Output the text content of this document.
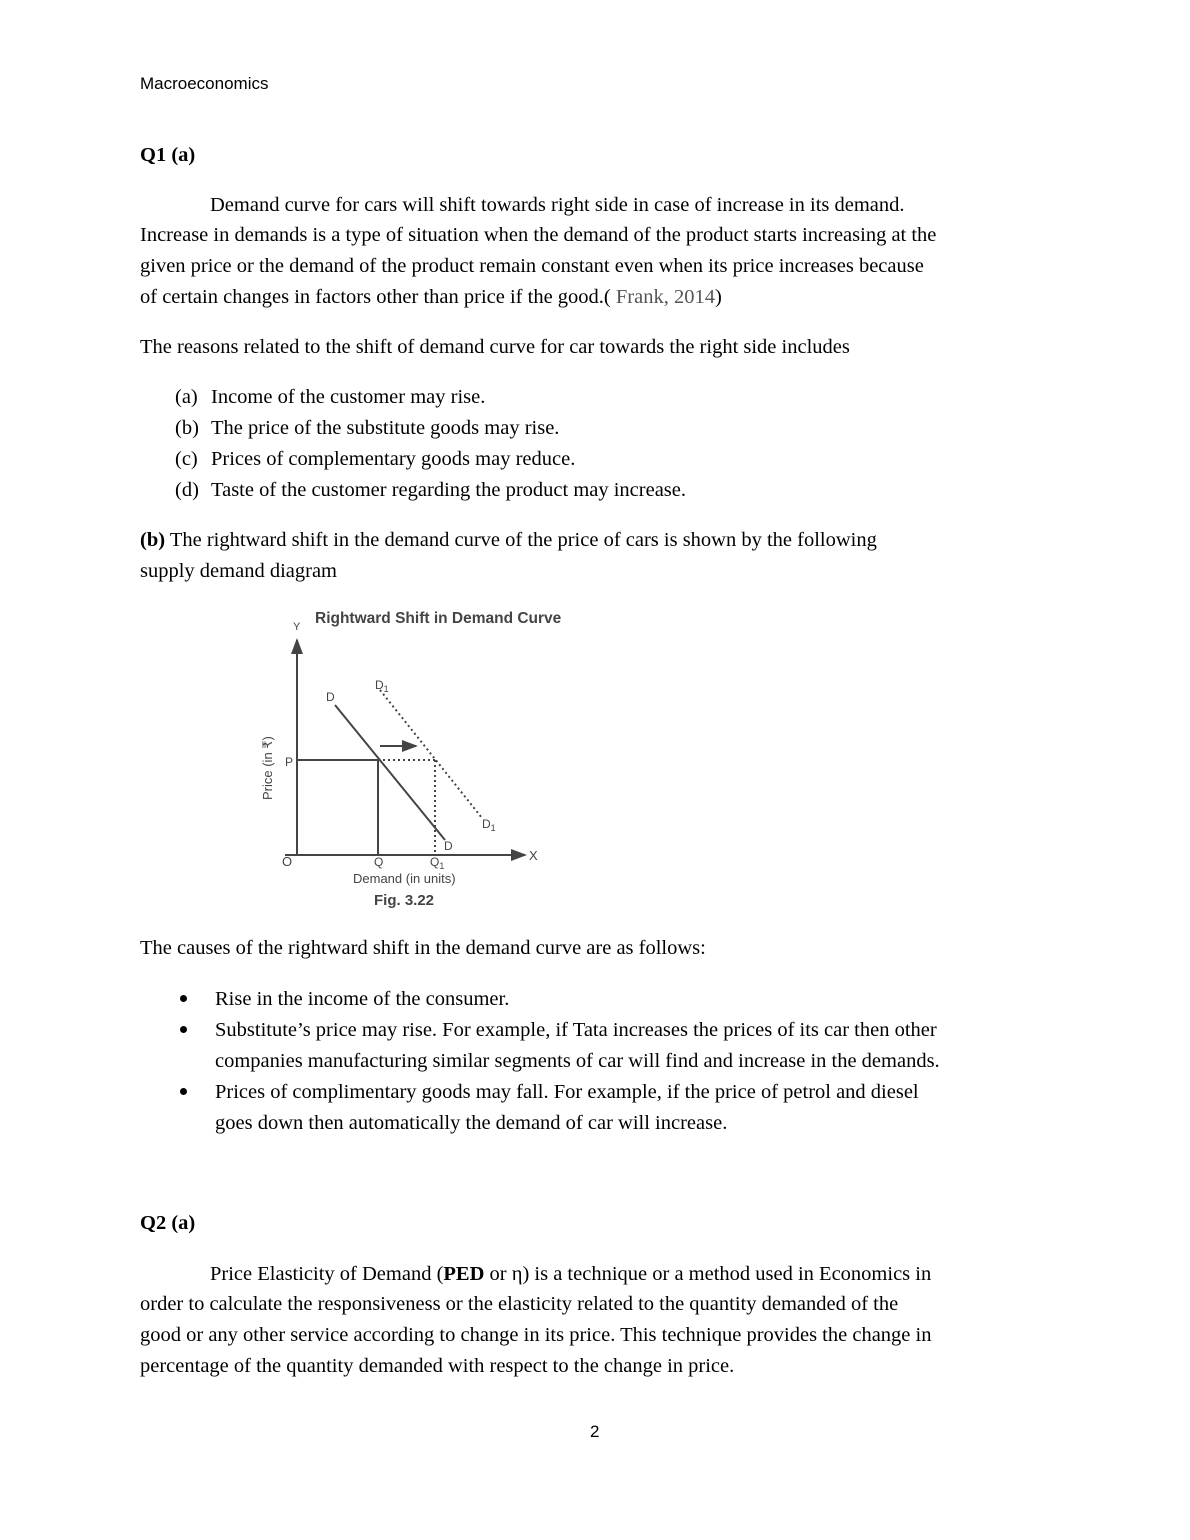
Macroeconomics
Q1 (a)
Demand curve for cars will shift towards right side in case of increase in its demand.
Increase in demands is a type of situation when the demand of the product starts increasing at the
given price or the demand of the product remain constant even when its price increases because
of certain changes in factors other than price if the good.( Frank, 2014)
The reasons related to the shift of demand curve for car towards the right side includes
(a) Income of the customer may rise.
(b) The price of the substitute goods may rise.
(c) Prices of complementary goods may reduce.
(d) Taste of the customer regarding the product may increase.
(b) The rightward shift in the demand curve of the price of cars is shown by the following
supply demand diagram
Rightward Shift in Demand Curve
Y
X
O
Price (in ₹) P
D
D
$D_1$
$D_1$
Q	$Q_1$
Demand (in units)
Fig. 3.22
The causes of the rightward shift in the demand curve are as follows:
Rise in the income of the consumer.
Substitute’s price may rise. For example, if Tata increases the prices of its car then other
companies manufacturing similar segments of car will find and increase in the demands.
Prices of complimentary goods may fall. For example, if the price of petrol and diesel
goes down then automatically the demand of car will increase.
Q2 (a)
Price Elasticity of Demand (PED or η) is a technique or a method used in Economics in
order to calculate the responsiveness or the elasticity related to the quantity demanded of the
good or any other service according to change in its price. This technique provides the change in
percentage of the quantity demanded with respect to the change in price.
2
